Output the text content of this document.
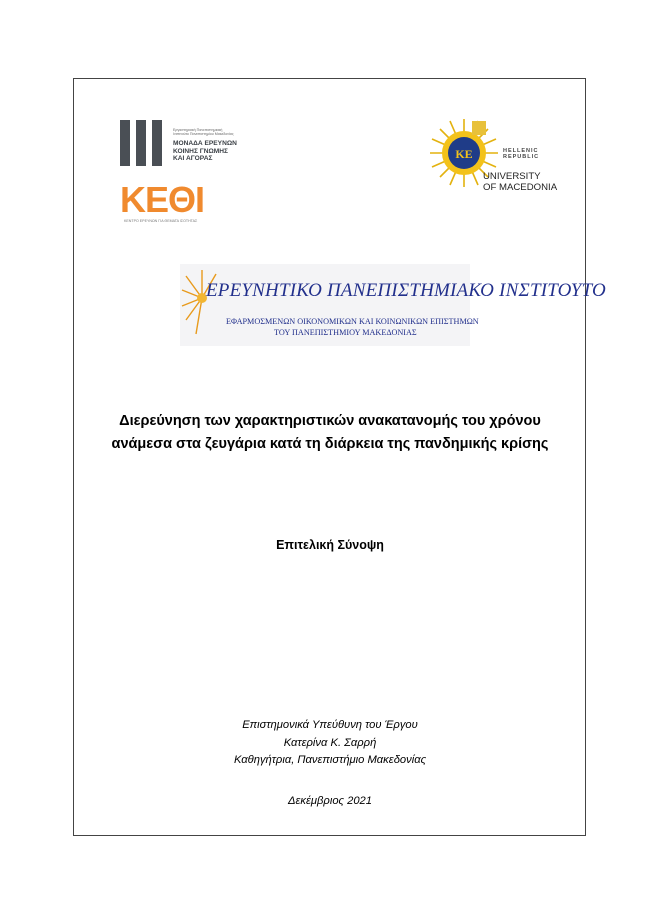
Εργαστηριακή Πανεπιστημιακή
Ινστιτούτο Πανεπιστημίου Μακεδονίας
ΜΟΝΑΔΑ ΕΡΕΥΝΩΝ
ΚΟΙΝΗΣ ΓΝΩΜΗΣ
ΚΑΙ ΑΓΟΡΑΣ
ΚΕΘΙ
ΚΕΝΤΡΟ ΕΡΕΥΝΩΝ ΓΙΑ ΘΕΜΑΤΑ ΙΣΟΤΗΤΑΣ
ΚΕ	HELLENIC
REPUBLIC
UNIVERSITY
OF MACEDONIA
ΕΡΕΥΝΗΤΙΚΟ ΠΑΝΕΠΙΣΤΗΜΙΑΚΟ ΙΝΣΤΙΤΟΥΤΟ
ΕΦΑΡΜΟΣΜΕΝΩΝ ΟΙΚΟΝΟΜΙΚΩΝ ΚΑΙ ΚΟΙΝΩΝΙΚΩΝ ΕΠΙΣΤΗΜΩΝ
ΤΟΥ ΠΑΝΕΠΙΣΤΗΜΙΟΥ ΜΑΚΕΔΟΝΙΑΣ
Διερεύνηση των χαρακτηριστικών ανακατανομής του χρόνου
ανάμεσα στα ζευγάρια κατά τη διάρκεια της πανδημικής κρίσης
Επιτελική Σύνοψη
Επιστημονικά Υπεύθυνη του Έργου
Κατερίνα Κ. Σαρρή
Καθηγήτρια, Πανεπιστήμιο Μακεδονίας
Δεκέμβριος 2021
